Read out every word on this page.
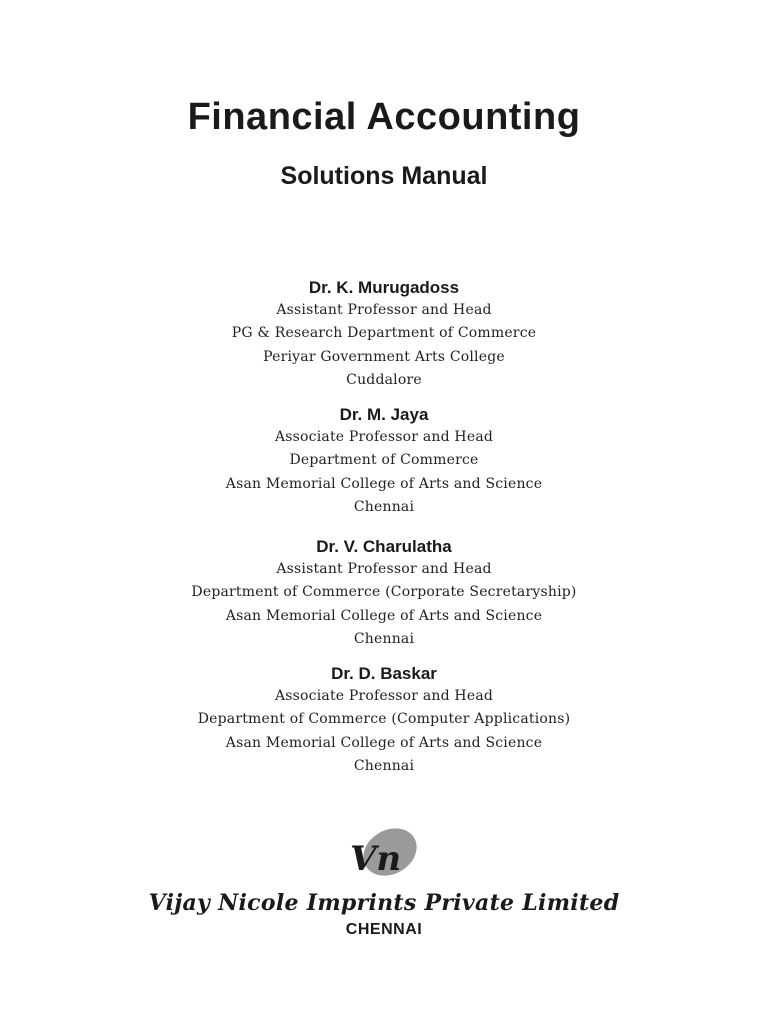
Financial Accounting
Solutions Manual
Dr. K. Murugadoss
Assistant Professor and Head
PG & Research Department of Commerce
Periyar Government Arts College
Cuddalore
Dr. M. Jaya
Associate Professor and Head
Department of Commerce
Asan Memorial College of Arts and Science
Chennai
Dr. V. Charulatha
Assistant Professor and Head
Department of Commerce (Corporate Secretaryship)
Asan Memorial College of Arts and Science
Chennai
Dr. D. Baskar
Associate Professor and Head
Department of Commerce (Computer Applications)
Asan Memorial College of Arts and Science
Chennai
Vn
Vijay Nicole Imprints Private Limited
CHENNAI
